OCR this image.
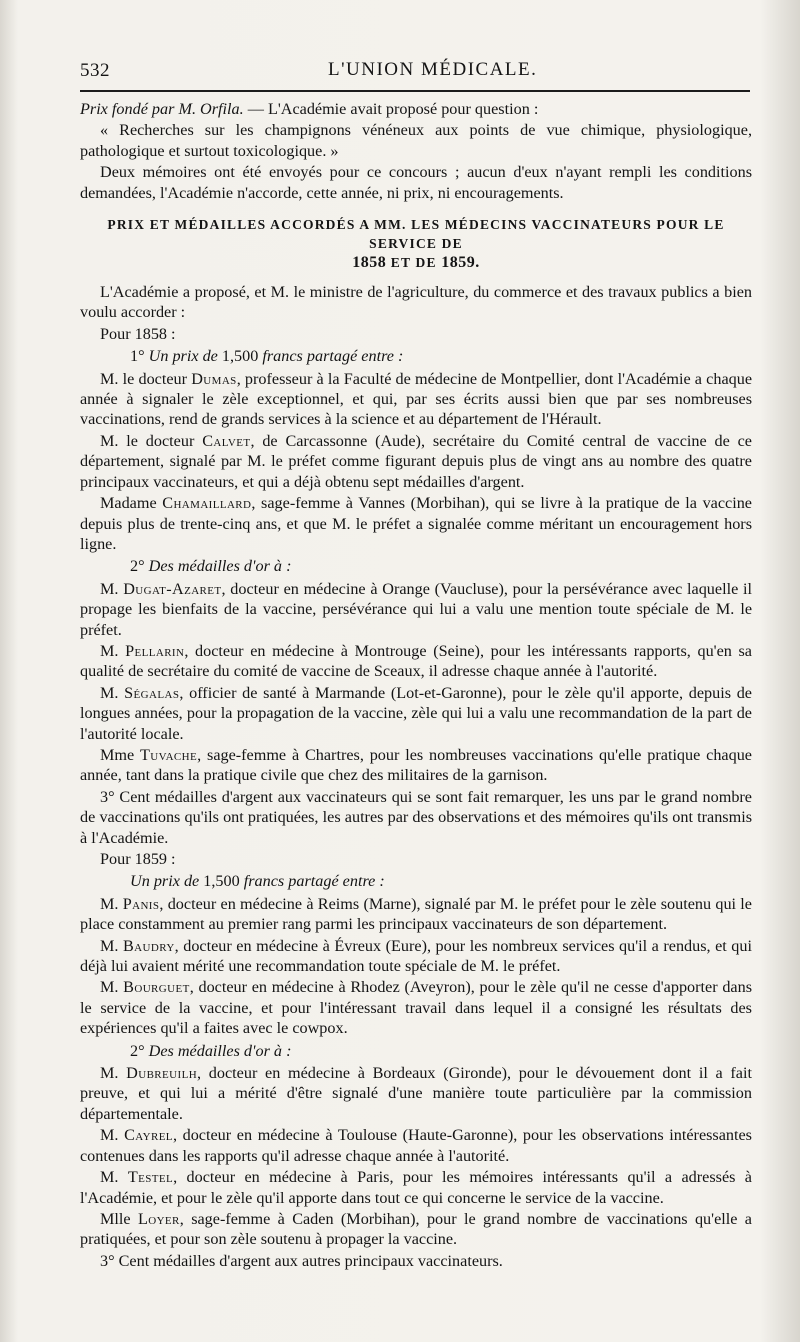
532	L'UNION MÉDICALE.

Prix fondé par M. Orfila. — L'Académie avait proposé pour question :

« Recherches sur les champignons vénéneux aux points de vue chimique, physiologique, pathologique et surtout toxicologique. »

Deux mémoires ont été envoyés pour ce concours ; aucun d'eux n'ayant rempli les conditions demandées, l'Académie n'accorde, cette année, ni prix, ni encouragements.

PRIX ET MÉDAILLES ACCORDÉS A MM. LES MÉDECINS VACCINATEURS POUR LE SERVICE DE
1858 ET DE 1859.

L'Académie a proposé, et M. le ministre de l'agriculture, du commerce et des travaux publics a bien voulu accorder :

Pour 1858 :

1° Un prix de 1,500 francs partagé entre :

M. le docteur Dumas, professeur à la Faculté de médecine de Montpellier, dont l'Académie a chaque année à signaler le zèle exceptionnel, et qui, par ses écrits aussi bien que par ses nombreuses vaccinations, rend de grands services à la science et au département de l'Hérault.

M. le docteur Calvet, de Carcassonne (Aude), secrétaire du Comité central de vaccine de ce département, signalé par M. le préfet comme figurant depuis plus de vingt ans au nombre des quatre principaux vaccinateurs, et qui a déjà obtenu sept médailles d'argent.

Madame Chamaillard, sage-femme à Vannes (Morbihan), qui se livre à la pratique de la vaccine depuis plus de trente-cinq ans, et que M. le préfet a signalée comme méritant un encouragement hors ligne.

2° Des médailles d'or à :

M. Dugat-Azaret, docteur en médecine à Orange (Vaucluse), pour la persévérance avec laquelle il propage les bienfaits de la vaccine, persévérance qui lui a valu une mention toute spéciale de M. le préfet.

M. Pellarin, docteur en médecine à Montrouge (Seine), pour les intéressants rapports, qu'en sa qualité de secrétaire du comité de vaccine de Sceaux, il adresse chaque année à l'autorité.

M. Ségalas, officier de santé à Marmande (Lot-et-Garonne), pour le zèle qu'il apporte, depuis de longues années, pour la propagation de la vaccine, zèle qui lui a valu une recommandation de la part de l'autorité locale.

Mme Tuvache, sage-femme à Chartres, pour les nombreuses vaccinations qu'elle pratique chaque année, tant dans la pratique civile que chez des militaires de la garnison.

3° Cent médailles d'argent aux vaccinateurs qui se sont fait remarquer, les uns par le grand nombre de vaccinations qu'ils ont pratiquées, les autres par des observations et des mémoires qu'ils ont transmis à l'Académie.

Pour 1859 :

Un prix de 1,500 francs partagé entre :

M. Panis, docteur en médecine à Reims (Marne), signalé par M. le préfet pour le zèle soutenu qui le place constamment au premier rang parmi les principaux vaccinateurs de son département.

M. Baudry, docteur en médecine à Évreux (Eure), pour les nombreux services qu'il a rendus, et qui déjà lui avaient mérité une recommandation toute spéciale de M. le préfet.

M. Bourguet, docteur en médecine à Rhodez (Aveyron), pour le zèle qu'il ne cesse d'apporter dans le service de la vaccine, et pour l'intéressant travail dans lequel il a consigné les résultats des expériences qu'il a faites avec le cowpox.

2° Des médailles d'or à :

M. Dubreuilh, docteur en médecine à Bordeaux (Gironde), pour le dévouement dont il a fait preuve, et qui lui a mérité d'être signalé d'une manière toute particulière par la commission départementale.

M. Cayrel, docteur en médecine à Toulouse (Haute-Garonne), pour les observations intéressantes contenues dans les rapports qu'il adresse chaque année à l'autorité.

M. Testel, docteur en médecine à Paris, pour les mémoires intéressants qu'il a adressés à l'Académie, et pour le zèle qu'il apporte dans tout ce qui concerne le service de la vaccine.

Mlle Loyer, sage-femme à Caden (Morbihan), pour le grand nombre de vaccinations qu'elle a pratiquées, et pour son zèle soutenu à propager la vaccine.

3° Cent médailles d'argent aux autres principaux vaccinateurs.
